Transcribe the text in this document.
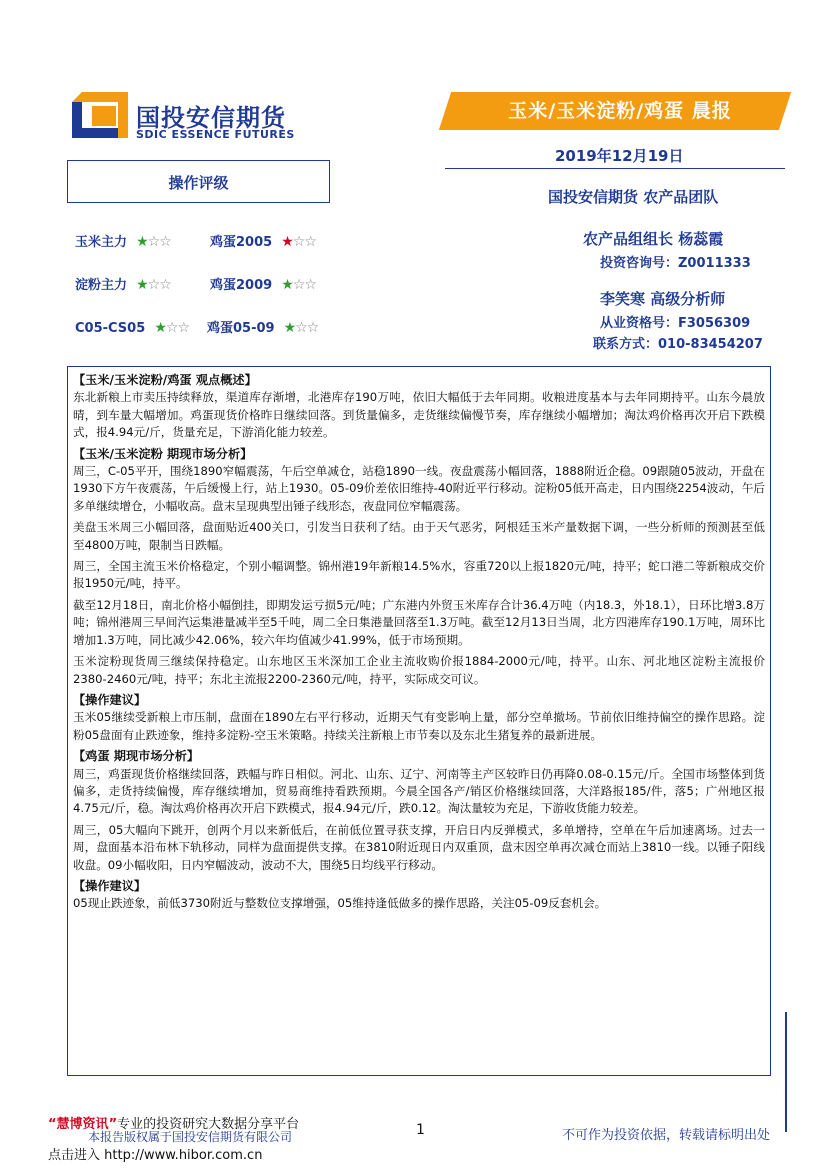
国投安信期货
SDIC ESSENCE FUTURES
玉米/玉米淀粉/鸡蛋 晨报
2019年12月19日
国投安信期货 农产品团队
农产品组组长 杨蕊霞
投资咨询号：Z0011333
李笑寒 高级分析师
从业资格号：F3056309
联系方式：010-83454207
操作评级
玉米主力 ★☆☆	鸡蛋2005 ★☆☆
淀粉主力 ★☆☆	鸡蛋2009 ★☆☆
C05-CS05 ★☆☆ 鸡蛋05-09 ★☆☆
【玉米/玉米淀粉/鸡蛋 观点概述】

东北新粮上市卖压持续释放，渠道库存渐增，北港库存190万吨，依旧大幅低于去年同期。收粮进度基本与去年同期持平。山东今晨放晴，到车量大幅增加。鸡蛋现货价格昨日继续回落。到货量偏多，走货继续偏慢节奏，库存继续小幅增加；淘汰鸡价格再次开启下跌模式，报4.94元/斤，货量充足，下游消化能力较差。

【玉米/玉米淀粉 期现市场分析】

周三，C-05平开，围绕1890窄幅震荡，午后空单减仓，站稳1890一线。夜盘震荡小幅回落，1888附近企稳。09跟随05波动，开盘在1930下方午夜震荡，午后缓慢上行，站上1930。05-09价差依旧维持-40附近平行移动。淀粉05低开高走，日内围绕2254波动，午后多单继续增仓，小幅收高。盘末呈现典型出锤子线形态，夜盘同位窄幅震荡。

美盘玉米周三小幅回落，盘面贴近400关口，引发当日获利了结。由于天气恶劣，阿根廷玉米产量数据下调，一些分析师的预测甚至低至4800万吨，限制当日跌幅。

周三，全国主流玉米价格稳定，个别小幅调整。锦州港19年新粮14.5%水，容重720以上报1820元/吨，持平；蛇口港二等新粮成交价报1950元/吨，持平。

截至12月18日，南北价格小幅倒挂，即期发运亏损5元/吨；广东港内外贸玉米库存合计36.4万吨（内18.3，外18.1），日环比增3.8万吨；锦州港周三早间汽运集港量减半至5千吨，周二全日集港量回落至1.3万吨。截至12月13日当周，北方四港库存190.1万吨，周环比增加1.3万吨，同比减少42.06%，较六年均值减少41.99%，低于市场预期。

玉米淀粉现货周三继续保持稳定。山东地区玉米深加工企业主流收购价报1884-2000元/吨，持平。山东、河北地区淀粉主流报价2380-2460元/吨，持平；东北主流报2200-2360元/吨，持平，实际成交可议。

【操作建议】

玉米05继续受新粮上市压制，盘面在1890左右平行移动，近期天气有变影响上量，部分空单撤场。节前依旧维持偏空的操作思路。淀粉05盘面有止跌迹象，维持多淀粉-空玉米策略。持续关注新粮上市节奏以及东北生猪复养的最新进展。

【鸡蛋 期现市场分析】

周三，鸡蛋现货价格继续回落，跌幅与昨日相似。河北、山东、辽宁、河南等主产区较昨日仍再降0.08-0.15元/斤。全国市场整体到货偏多，走货持续偏慢，库存继续增加，贸易商维持看跌预期。今晨全国各产/销区价格继续回落，大洋路报185/件，落5；广州地区报4.75元/斤，稳。淘汰鸡价格再次开启下跌模式，报4.94元/斤，跌0.12。淘汰量较为充足，下游收货能力较差。

周三，05大幅向下跳开，创两个月以来新低后，在前低位置寻获支撑，开启日内反弹模式，多单增持，空单在午后加速离场。过去一周，盘面基本沿布林下轨移动，同样为盘面提供支撑。在3810附近现日内双重顶，盘末因空单再次减仓而站上3810一线。以锤子阳线收盘。09小幅收阳，日内窄幅波动，波动不大，围绕5日均线平行移动。

【操作建议】

05现止跌迹象，前低3730附近与整数位支撑增强，05维持逢低做多的操作思路，关注05-09反套机会。

“慧博资讯”专业的投资研究大数据分享平台
本报告版权属于国投安信期货有限公司	1	不可作为投资依据，转载请标明出处
点击进入 http://www.hibor.com.cn
